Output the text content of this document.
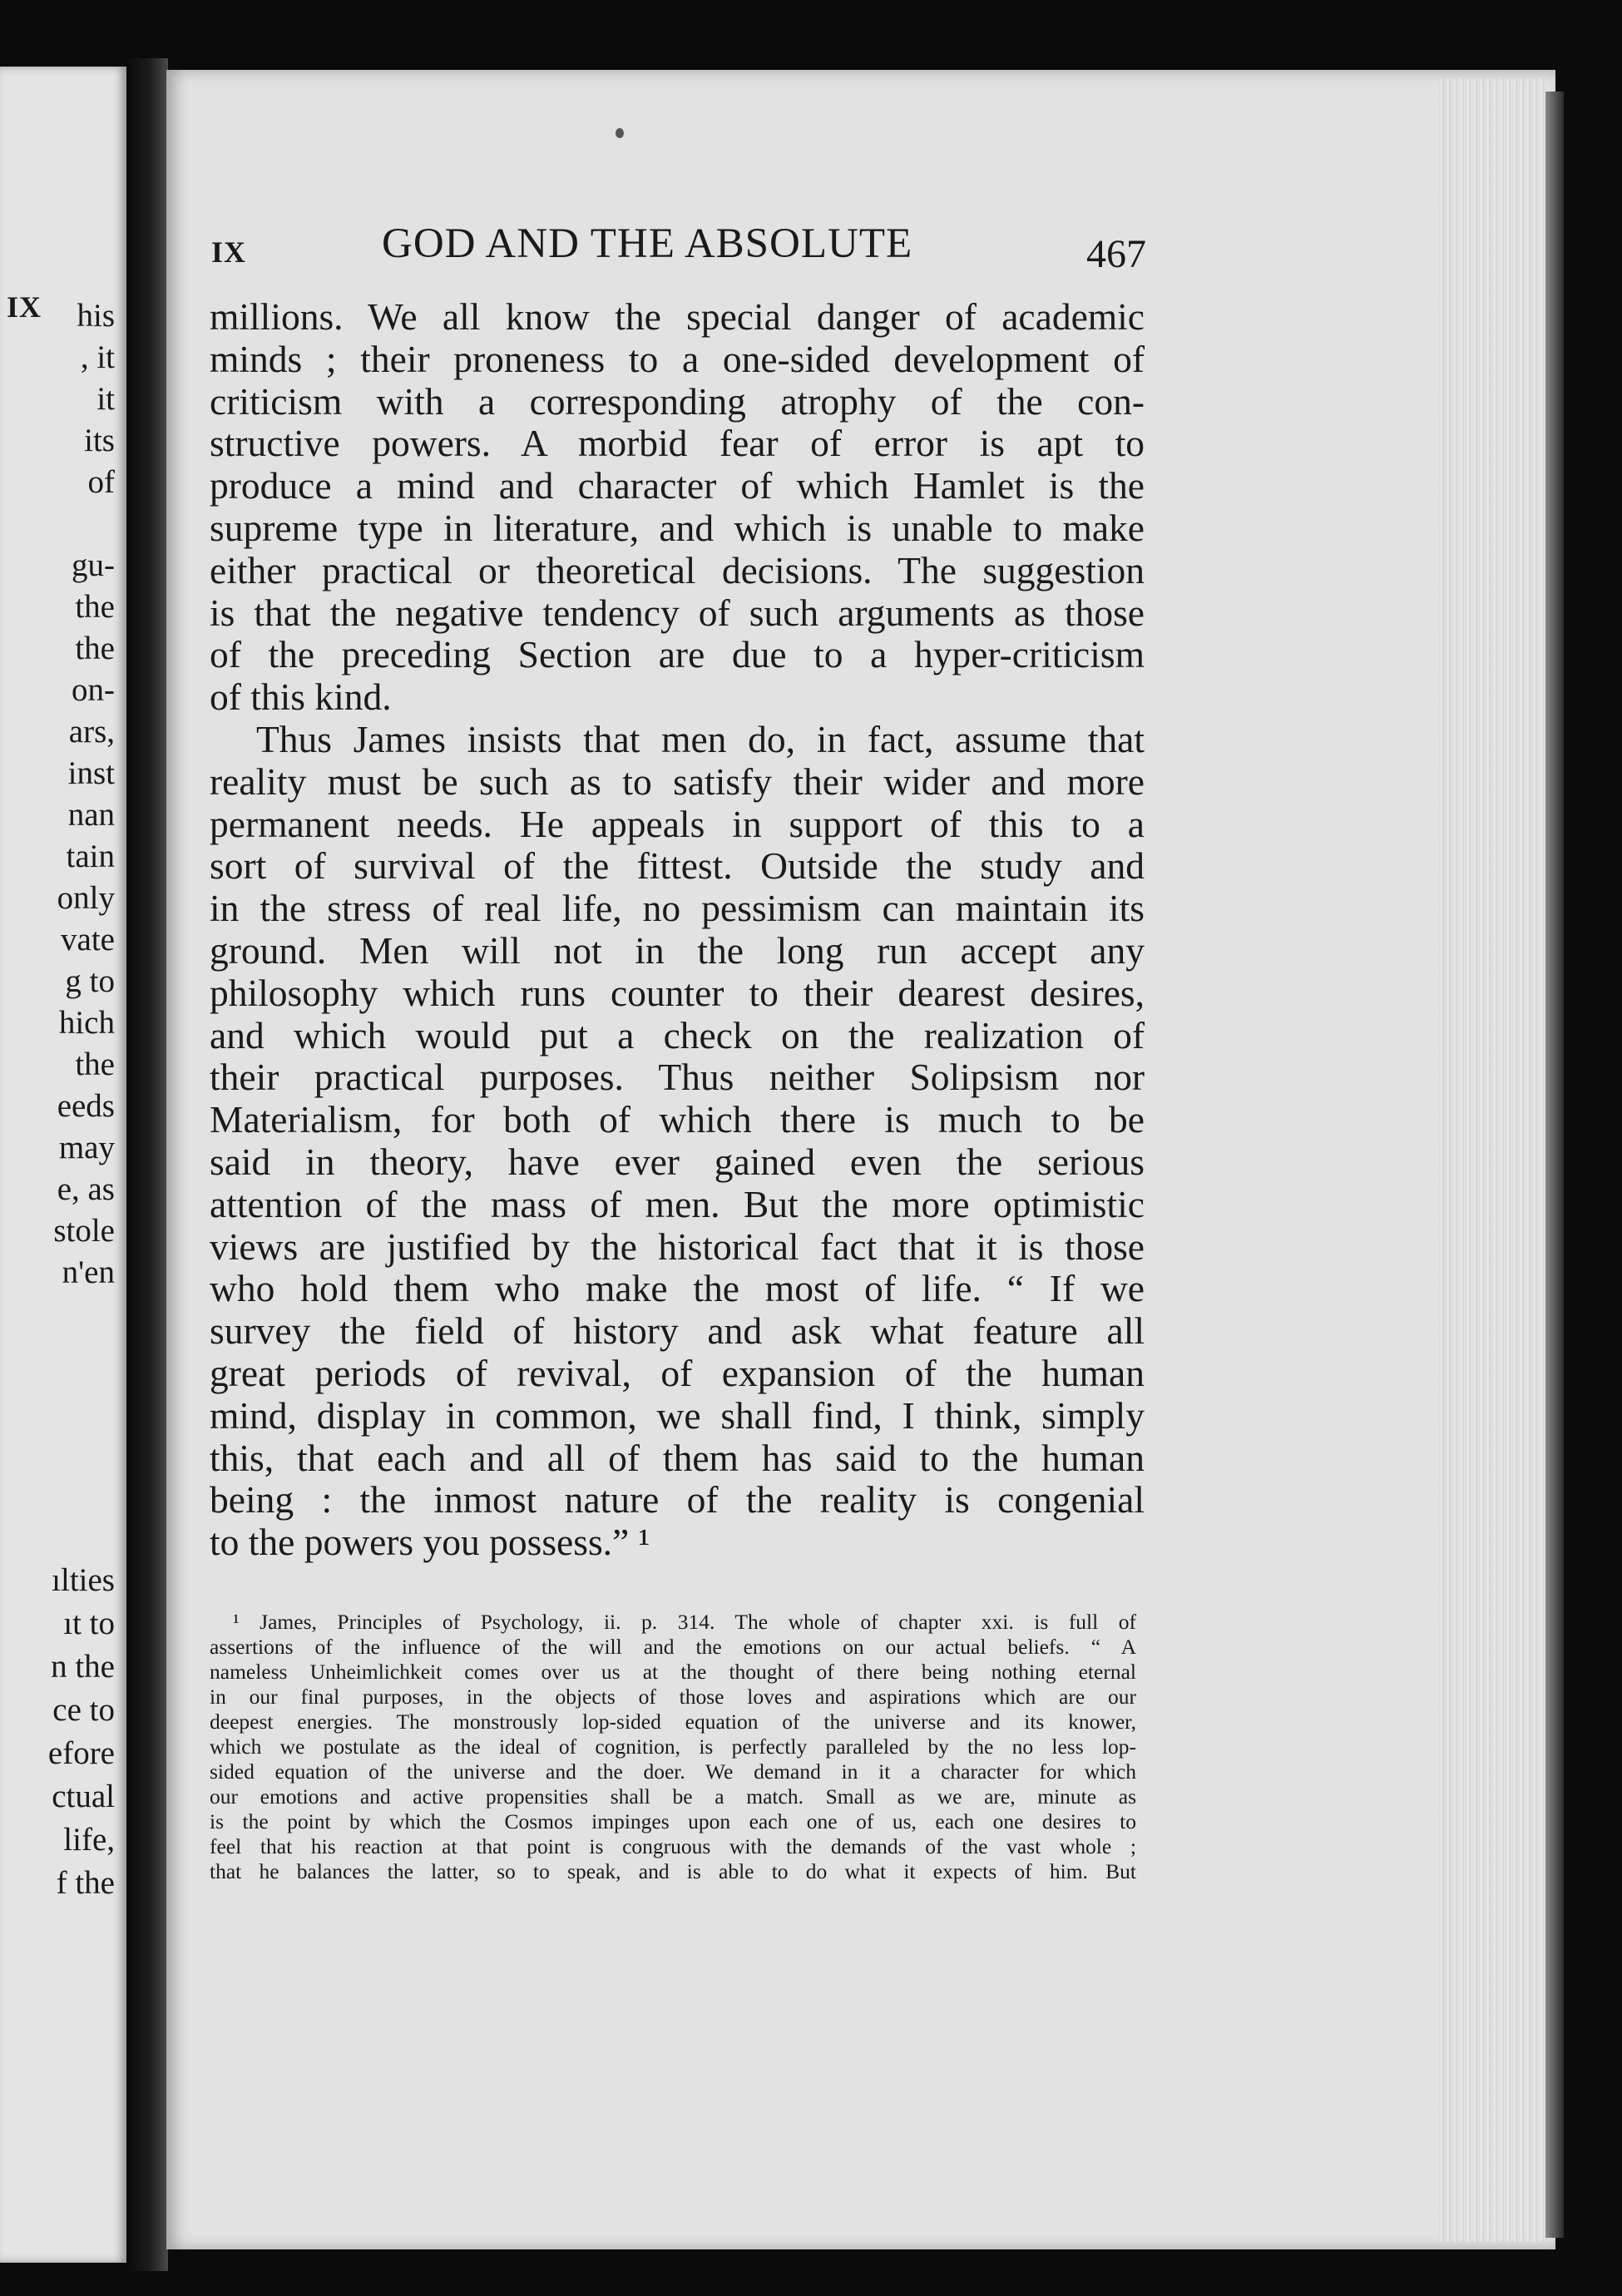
IX his
, it
it
its
of
gu-
the
the
on-
ars,
inst
nan
tain
only
vate
g to
hich
the
eeds
may
e, as
stole
n'en
ılties
ıt to
n the
ce to
efore
ctual
life,
f the
IX	GOD AND THE ABSOLUTE	467
millions. We all know the special danger of academic
minds ; their proneness to a one-sided development of
criticism with a corresponding atrophy of the con-
structive powers. A morbid fear of error is apt to
produce a mind and character of which Hamlet is the
supreme type in literature, and which is unable to make
either practical or theoretical decisions. The suggestion
is that the negative tendency of such arguments as those
of the preceding Section are due to a hyper-criticism
of this kind.
Thus James insists that men do, in fact, assume that
reality must be such as to satisfy their wider and more
permanent needs. He appeals in support of this to a
sort of survival of the fittest. Outside the study and
in the stress of real life, no pessimism can maintain its
ground. Men will not in the long run accept any
philosophy which runs counter to their dearest desires,
and which would put a check on the realization of
their practical purposes. Thus neither Solipsism nor
Materialism, for both of which there is much to be
said in theory, have ever gained even the serious
attention of the mass of men. But the more optimistic
views are justified by the historical fact that it is those
who hold them who make the most of life. “ If we
survey the field of history and ask what feature all
great periods of revival, of expansion of the human
mind, display in common, we shall find, I think, simply
this, that each and all of them has said to the human
being : the inmost nature of the reality is congenial
to the powers you possess.” ¹
¹ James, Principles of Psychology, ii. p. 314. The whole of chapter xxi. is full of
assertions of the influence of the will and the emotions on our actual beliefs. “ A
nameless Unheimlichkeit comes over us at the thought of there being nothing eternal
in our final purposes, in the objects of those loves and aspirations which are our
deepest energies. The monstrously lop-sided equation of the universe and its knower,
which we postulate as the ideal of cognition, is perfectly paralleled by the no less lop-
sided equation of the universe and the doer. We demand in it a character for which
our emotions and active propensities shall be a match. Small as we are, minute as
is the point by which the Cosmos impinges upon each one of us, each one desires to
feel that his reaction at that point is congruous with the demands of the vast whole ;
that he balances the latter, so to speak, and is able to do what it expects of him. But
